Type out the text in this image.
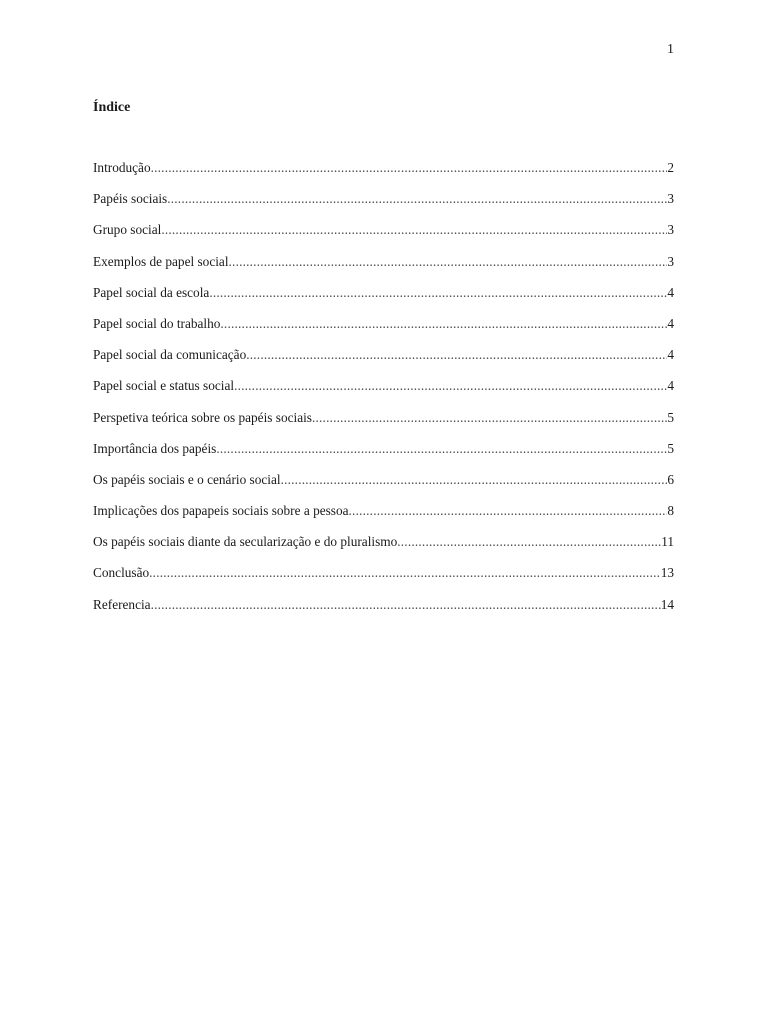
1
Índice
Introdução .....	2
Papéis sociais .....	3
Grupo social .....	3
Exemplos de papel social .....	3
Papel social da escola .....	4
Papel social do trabalho .....	4
Papel social da comunicação .....	4
Papel social e status social .....	4
Perspetiva teórica sobre os papéis sociais .....	5
Importância dos papéis .....	5
Os papéis sociais e o cenário social .....	6
Implicações dos papapeis sociais sobre a pessoa .....	8
Os papéis sociais diante da secularização e do pluralismo .....	11
Conclusão .....	13
Referencia .....	14
